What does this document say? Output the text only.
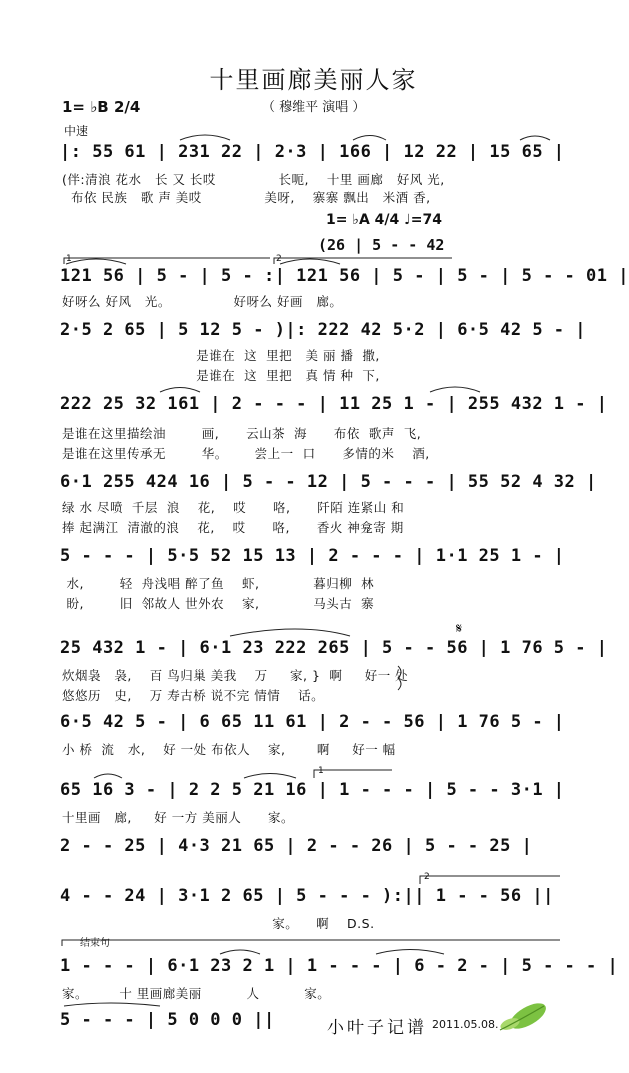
十里画廊美丽人家
（ 穆维平 演唱 ）
1= ♭B 2/4
中速
|: 55 61 | 231 22 | 2·3 | 166 | 12 22 | 15 65 |
(伴:清浪 花水   长 又 长哎              长呃,    十里 画廊   好风 光,
布依 民族   歌 声 美哎              美呀,    寨寨 飘出   米酒 香,
1= ♭A 4/4 ♩=74
(26 | 5 - - 42
1	2
121 56 | 5 - | 5 - :| 121 56 | 5 - | 5 - | 5 - - 01 |
好呀么 好风   光。              好呀么 好画   廊。
2·5 2 65 | 5 12 5 - )|: 222 42 5·2 | 6·5 42 5 - |
是谁在  这  里把   美 丽 播  撒,
是谁在  这  里把   真 情 种  下,
222 25 32 161 | 2 - - - | 11 25 1 - | 255 432 1 - |
是谁在这里描绘油        画,      云山茶  海      布依  歌声  飞,
是谁在这里传承无        华。      尝上一  口      多情的米    酒,
6·1 255 424 16 | 5 - - 12 | 5 - - - | 55 52 4 32 |
绿 水 尽喷  千层  浪    花,    哎      咯,      阡陌 连紧山 和
捧 起满江  清澈的浪    花,    哎      咯,      香火 神龛寄 期
5 - - - | 5·5 52 15 13 | 2 - - - | 1·1 25 1 - |
水,        轻  舟浅唱 醉了鱼    虾,            暮归柳  林
盼,        旧  邻故人 世外农    家,            马头古  寨
25 432 1 - | 6·1 23 222 265 | 5 - - 56 | 1 76 5 - |
炊烟袅   袅,    百 鸟归巢 美我    万     家, }  啊     好一 处
悠悠历   史,    万 寿古桥 说不完 情情    话。
6·5 42 5 - | 6 65 11 61 | 2 - - 56 | 1 76 5 - |
小 桥  流   水,    好 一处 布依人    家,       啊     好一 幅
1
65 16 3 - | 2 2 5 21 16 | 1 - - - | 5 - - 3·1 |
十里画   廊,     好 一方 美丽人      家。
2 - - 25 | 4·3 21 65 | 2 - - 26 | 5 - - 25 |
2
4 - - 24 | 3·1 2 65 | 5 - - - ):|| 1 - - 56 ||
家。    啊    D.S.
结束句
1 - - - | 6·1 23 2 1 | 1 - - - | 6 - 2 - | 5 - - - |
家。       十 里画廊美丽          人          家。
5 - - - | 5 0 0 0 ||	小叶子记谱 2011.05.08.
𝄋
